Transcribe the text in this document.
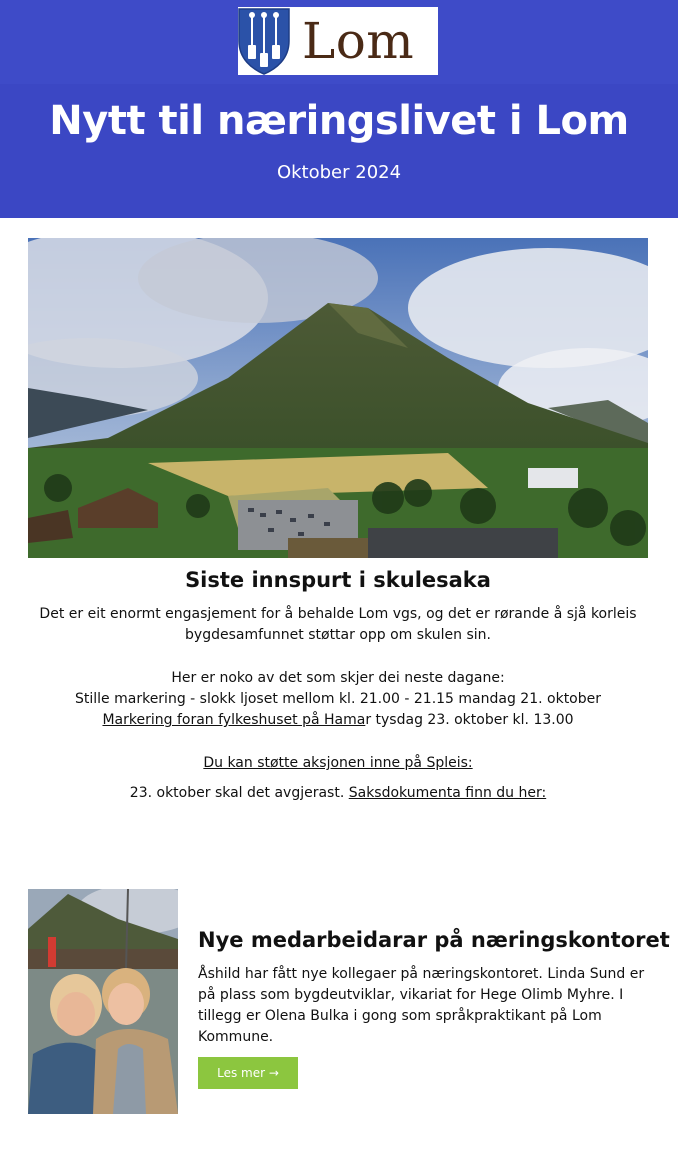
Lom
Nytt til næringslivet i Lom
Oktober 2024
Siste innspurt i skulesaka

Det er eit enormt engasjement for å behalde Lom vgs, og det er rørande å sjå korleis bygdesamfunnet støttar opp om skulen sin.

Her er noko av det som skjer dei neste dagane:

Stille markering - slokk ljoset mellom kl. 21.00 - 21.15 mandag 21. oktober

Markering foran fylkeshuset på Hamar tysdag 23. oktober kl. 13.00

Du kan støtte aksjonen inne på Spleis:

23. oktober skal det avgjerast. Saksdokumenta finn du her:

Nye medarbeidarar på næringskontoret

Åshild har fått nye kollegaer på næringskontoret. Linda Sund er på plass som bygdeutviklar, vikariat for Hege Olimb Myhre. I tillegg er Olena Bulka i gong som språkpraktikant på Lom Kommune.

Les mer →
